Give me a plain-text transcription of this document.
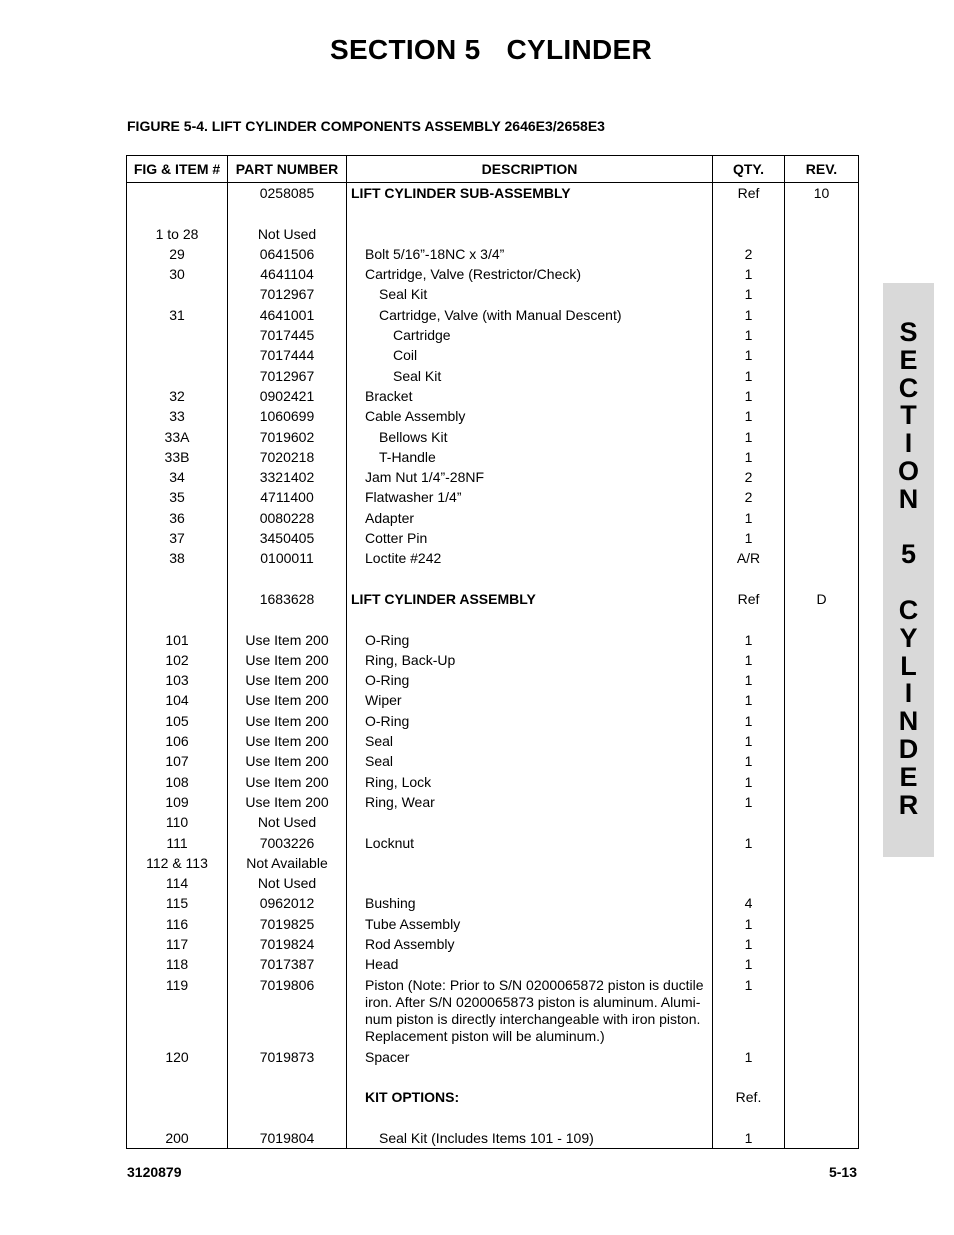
SECTION 5 CYLINDER
FIGURE 5-4. LIFT CYLINDER COMPONENTS ASSEMBLY 2646E3/2658E3
FIG & ITEM #	PART NUMBER	DESCRIPTION	QTY.	REV.
	0258085	LIFT CYLINDER SUB-ASSEMBLY	Ref	10

1 to 28	Not Used			
29	0641506	Bolt 5/16”-18NC x 3/4”	2	
30	4641104	Cartridge, Valve (Restrictor/Check)	1	
	7012967	Seal Kit	1	
31	4641001	Cartridge, Valve (with Manual Descent)	1	
	7017445	Cartridge	1	
	7017444	Coil	1	
	7012967	Seal Kit	1	
32	0902421	Bracket	1	
33	1060699	Cable Assembly	1	
33A	7019602	Bellows Kit	1	
33B	7020218	T-Handle	1	
34	3321402	Jam Nut 1/4”-28NF	2	
35	4711400	Flatwasher 1/4”	2	
36	0080228	Adapter	1	
37	3450405	Cotter Pin	1	
38	0100011	Loctite #242	A/R	

	1683628	LIFT CYLINDER ASSEMBLY	Ref	D

101	Use Item 200	O-Ring	1	
102	Use Item 200	Ring, Back-Up	1	
103	Use Item 200	O-Ring	1	
104	Use Item 200	Wiper	1	
105	Use Item 200	O-Ring	1	
106	Use Item 200	Seal	1	
107	Use Item 200	Seal	1	
108	Use Item 200	Ring, Lock	1	
109	Use Item 200	Ring, Wear	1	
110	Not Used			
111	7003226	Locknut	1	
112 & 113	Not Available			
114	Not Used			
115	0962012	Bushing	4	
116	7019825	Tube Assembly	1	
117	7019824	Rod Assembly	1	
118	7017387	Head	1	
119	7019806	Piston (Note: Prior to S/N 0200065872 piston is ductile iron. After S/N 0200065873 piston is aluminum. Alumi-num piston is directly interchangeable with iron piston. Replacement piston will be aluminum.)	1	
120	7019873	Spacer	1	

		KIT OPTIONS:	Ref.	

200	7019804	Seal Kit (Includes Items 101 - 109)	1	
S
E
C
T
I
O
N
5
C
Y
L
I
N
D
E
R
3120879	5-13
